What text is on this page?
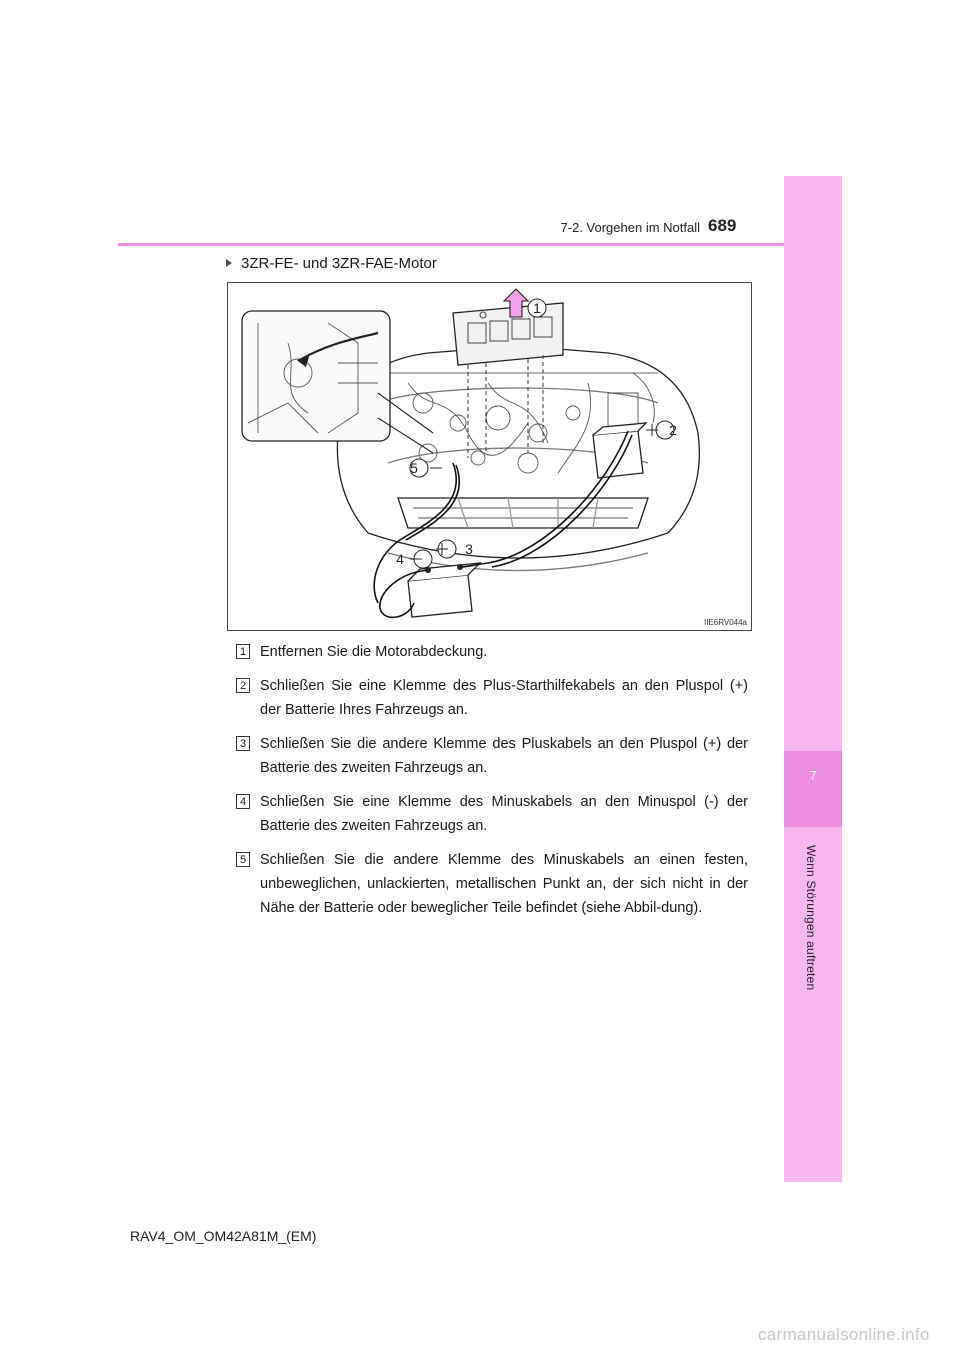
7
Wenn Störungen auftreten
7-2. Vorgehen im Notfall 689
3ZR-FE- und 3ZR-FAE-Motor
1
2
3
4
5
IIE6RV044a
1 Entfernen Sie die Motorabdeckung.
2 Schließen Sie eine Klemme des Plus-Starthilfekabels an den Pluspol (+) der Batterie Ihres Fahrzeugs an.
3 Schließen Sie die andere Klemme des Pluskabels an den Pluspol (+) der Batterie des zweiten Fahrzeugs an.
4 Schließen Sie eine Klemme des Minuskabels an den Minuspol (-) der Batterie des zweiten Fahrzeugs an.
5 Schließen Sie die andere Klemme des Minuskabels an einen festen, unbeweglichen, unlackierten, metallischen Punkt an, der sich nicht in der Nähe der Batterie oder beweglicher Teile befindet (siehe Abbil-dung).
RAV4_OM_OM42A81M_(EM)
carmanualsonline.info
